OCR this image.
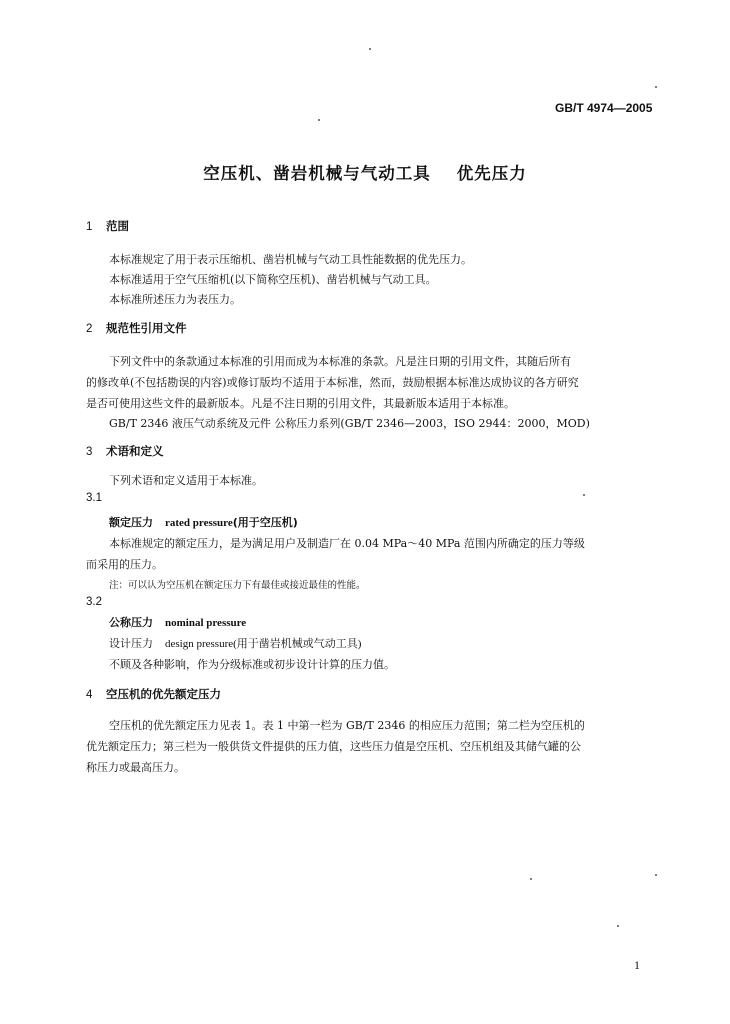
GB/T 4974—2005
空压机、凿岩机械与气动工具 优先压力
1 范围
本标准规定了用于表示压缩机、凿岩机械与气动工具性能数据的优先压力。
本标准适用于空气压缩机(以下简称空压机)、凿岩机械与气动工具。
本标准所述压力为表压力。
2 规范性引用文件
下列文件中的条款通过本标准的引用而成为本标准的条款。凡是注日期的引用文件，其随后所有
的修改单(不包括勘误的内容)或修订版均不适用于本标准，然而，鼓励根据本标准达成协议的各方研究
是否可使用这些文件的最新版本。凡是不注日期的引用文件，其最新版本适用于本标准。
GB/T 2346 液压气动系统及元件 公称压力系列(GB/T 2346—2003，ISO 2944：2000，MOD)
3 术语和定义
下列术语和定义适用于本标准。
3.1
额定压力 rated pressure(用于空压机)
本标准规定的额定压力，是为满足用户及制造厂在 0.04 MPa～40 MPa 范围内所确定的压力等级
而采用的压力。
注：可以认为空压机在额定压力下有最佳或接近最佳的性能。
3.2
公称压力 nominal pressure
设计压力 design pressure(用于凿岩机械或气动工具)
不顾及各种影响，作为分级标准或初步设计计算的压力值。
4 空压机的优先额定压力
空压机的优先额定压力见表 1。表 1 中第一栏为 GB/T 2346 的相应压力范围；第二栏为空压机的
优先额定压力；第三栏为一般供货文件提供的压力值，这些压力值是空压机、空压机组及其储气罐的公
称压力或最高压力。
1
